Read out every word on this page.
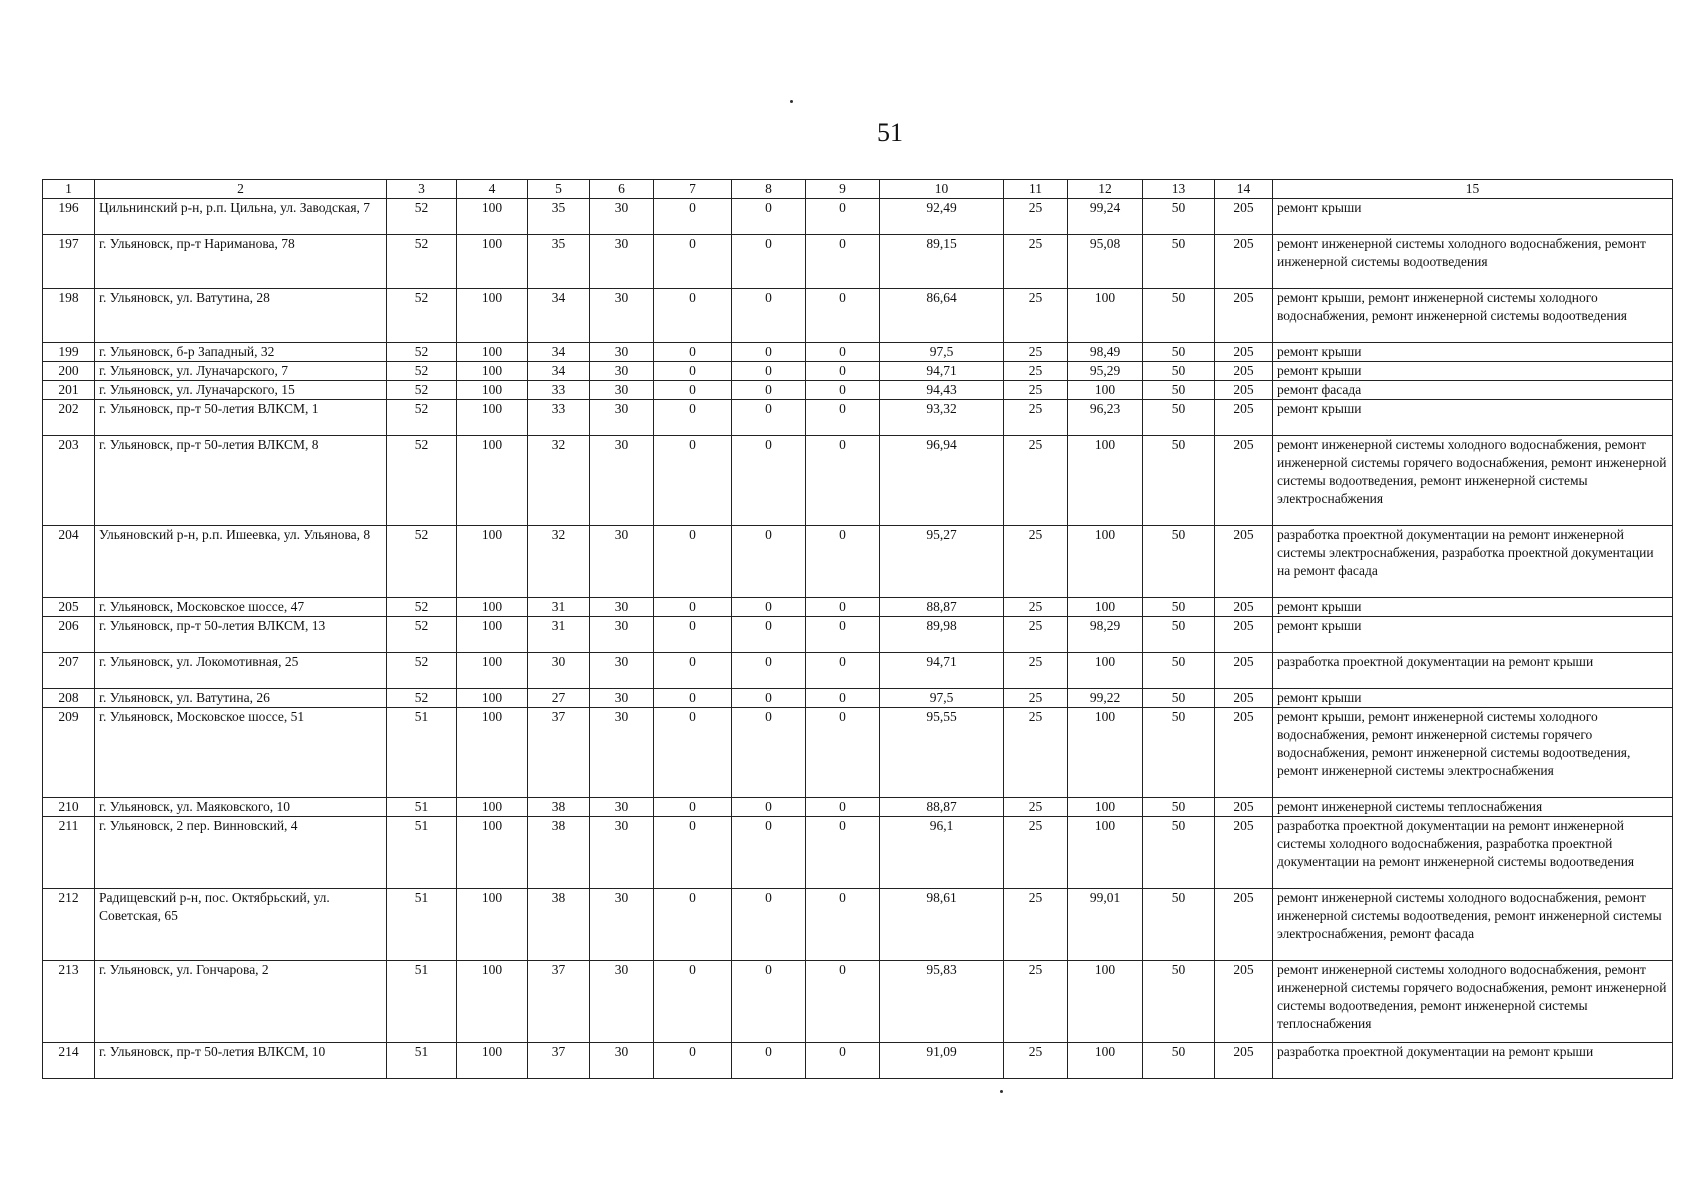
51
1	2	3	4	5	6	7	8	9	10	11	12	13	14	15
196	Цильнинский р-н, р.п. Цильна, ул. Заводская, 7	52	100	35	30	0	0	0	92,49	25	99,24	50	205	ремонт крыши
197	г. Ульяновск, пр-т Нариманова, 78	52	100	35	30	0	0	0	89,15	25	95,08	50	205	ремонт инженерной системы холодного водоснабжения, ремонт инженерной системы водоотведения
198	г. Ульяновск, ул. Ватутина, 28	52	100	34	30	0	0	0	86,64	25	100	50	205	ремонт крыши, ремонт инженерной системы холодного водоснабжения, ремонт инженерной системы водоотведения
199	г. Ульяновск, б-р Западный, 32	52	100	34	30	0	0	0	97,5	25	98,49	50	205	ремонт крыши
200	г. Ульяновск, ул. Луначарского, 7	52	100	34	30	0	0	0	94,71	25	95,29	50	205	ремонт крыши
201	г. Ульяновск, ул. Луначарского, 15	52	100	33	30	0	0	0	94,43	25	100	50	205	ремонт фасада
202	г. Ульяновск, пр-т 50-летия ВЛКСМ, 1	52	100	33	30	0	0	0	93,32	25	96,23	50	205	ремонт крыши
203	г. Ульяновск, пр-т 50-летия ВЛКСМ, 8	52	100	32	30	0	0	0	96,94	25	100	50	205	ремонт инженерной системы холодного водоснабжения, ремонт инженерной системы горячего водоснабжения, ремонт инженерной системы водоотведения, ремонт инженерной системы электроснабжения
204	Ульяновский р-н, р.п. Ишеевка, ул. Ульянова, 8	52	100	32	30	0	0	0	95,27	25	100	50	205	разработка проектной документации на ремонт инженерной системы электроснабжения, разработка проектной документации на ремонт фасада
205	г. Ульяновск, Московское шоссе, 47	52	100	31	30	0	0	0	88,87	25	100	50	205	ремонт крыши
206	г. Ульяновск, пр-т 50-летия ВЛКСМ, 13	52	100	31	30	0	0	0	89,98	25	98,29	50	205	ремонт крыши
207	г. Ульяновск, ул. Локомотивная, 25	52	100	30	30	0	0	0	94,71	25	100	50	205	разработка проектной документации на ремонт крыши
208	г. Ульяновск, ул. Ватутина, 26	52	100	27	30	0	0	0	97,5	25	99,22	50	205	ремонт крыши
209	г. Ульяновск, Московское шоссе, 51	51	100	37	30	0	0	0	95,55	25	100	50	205	ремонт крыши, ремонт инженерной системы холодного водоснабжения, ремонт инженерной системы горячего водоснабжения, ремонт инженерной системы водоотведения, ремонт инженерной системы электроснабжения
210	г. Ульяновск, ул. Маяковского, 10	51	100	38	30	0	0	0	88,87	25	100	50	205	ремонт инженерной системы теплоснабжения
211	г. Ульяновск, 2 пер. Винновский, 4	51	100	38	30	0	0	0	96,1	25	100	50	205	разработка проектной документации на ремонт инженерной системы холодного водоснабжения, разработка проектной документации на ремонт инженерной системы водоотведения
212	Радищевский р-н, пос. Октябрьский, ул. Советская, 65	51	100	38	30	0	0	0	98,61	25	99,01	50	205	ремонт инженерной системы холодного водоснабжения, ремонт инженерной системы водоотведения, ремонт инженерной системы электроснабжения, ремонт фасада
213	г. Ульяновск, ул. Гончарова, 2	51	100	37	30	0	0	0	95,83	25	100	50	205	ремонт инженерной системы холодного водоснабжения, ремонт инженерной системы горячего водоснабжения, ремонт инженерной системы водоотведения, ремонт инженерной системы теплоснабжения
214	г. Ульяновск, пр-т 50-летия ВЛКСМ, 10	51	100	37	30	0	0	0	91,09	25	100	50	205	разработка проектной документации на ремонт крыши
